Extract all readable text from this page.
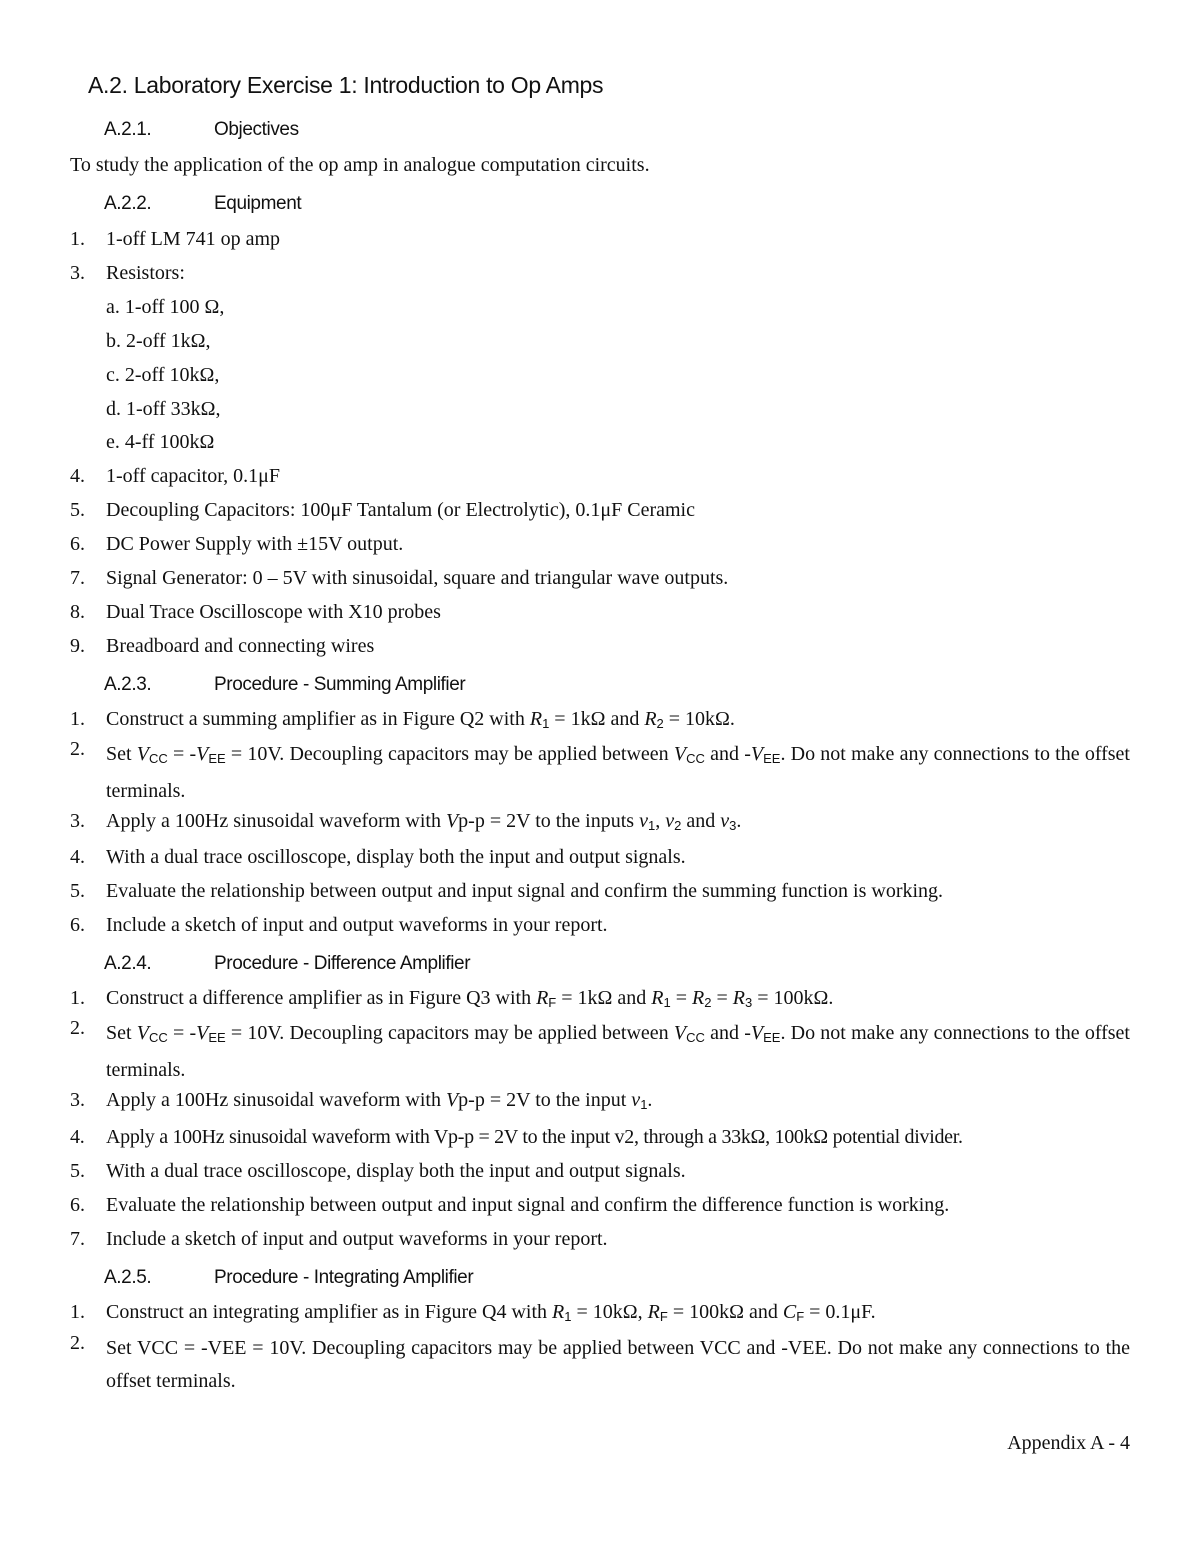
A.2. Laboratory Exercise 1: Introduction to Op Amps
A.2.1.	Objectives
To study the application of the op amp in analogue computation circuits.
A.2.2.	Equipment
1. 1-off LM 741 op amp
3. Resistors:
a. 1-off 100 Ω,
b. 2-off 1kΩ,
c. 2-off 10kΩ,
d. 1-off 33kΩ,
e. 4-ff 100kΩ
4. 1-off capacitor, 0.1μF
5. Decoupling Capacitors: 100μF Tantalum (or Electrolytic), 0.1μF Ceramic
6. DC Power Supply with ±15V output.
7. Signal Generator: 0 – 5V with sinusoidal, square and triangular wave outputs.
8. Dual Trace Oscilloscope with X10 probes
9. Breadboard and connecting wires
A.2.3.	Procedure - Summing Amplifier
1. Construct a summing amplifier as in Figure Q2 with $R_1 = 1k\Omega$ and $R_2 = 10k\Omega$.
2. Set $V_{CC} = -V_{EE} = 10V$. Decoupling capacitors may be applied between $V_{CC}$ and $-V_{EE}$. Do not make any connections to the offset terminals.
3. Apply a 100Hz sinusoidal waveform with Vp-p = 2V to the inputs $v_1$, $v_2$ and $v_3$.
4. With a dual trace oscilloscope, display both the input and output signals.
5. Evaluate the relationship between output and input signal and confirm the summing function is working.
6. Include a sketch of input and output waveforms in your report.
A.2.4.	Procedure - Difference Amplifier
1. Construct a difference amplifier as in Figure Q3 with $R_F = 1k\Omega$ and $R_1 = R_2 = R_3 = 100k\Omega$.
2. Set $V_{CC} = -V_{EE} = 10V$. Decoupling capacitors may be applied between $V_{CC}$ and $-V_{EE}$. Do not make any connections to the offset terminals.
3. Apply a 100Hz sinusoidal waveform with Vp-p = 2V to the input $v_1$.
4. Apply a 100Hz sinusoidal waveform with Vp-p = 2V to the input v2, through a 33kΩ, 100kΩ potential divider.
5. With a dual trace oscilloscope, display both the input and output signals.
6. Evaluate the relationship between output and input signal and confirm the difference function is working.
7. Include a sketch of input and output waveforms in your report.
A.2.5.	Procedure - Integrating Amplifier
1. Construct an integrating amplifier as in Figure Q4 with $R_1 = 10k\Omega$, $R_F = 100k\Omega$ and $C_F = 0.1\mu F$.
2. Set VCC = -VEE = 10V. Decoupling capacitors may be applied between VCC and -VEE. Do not make any connections to the offset terminals.
Appendix A - 4
